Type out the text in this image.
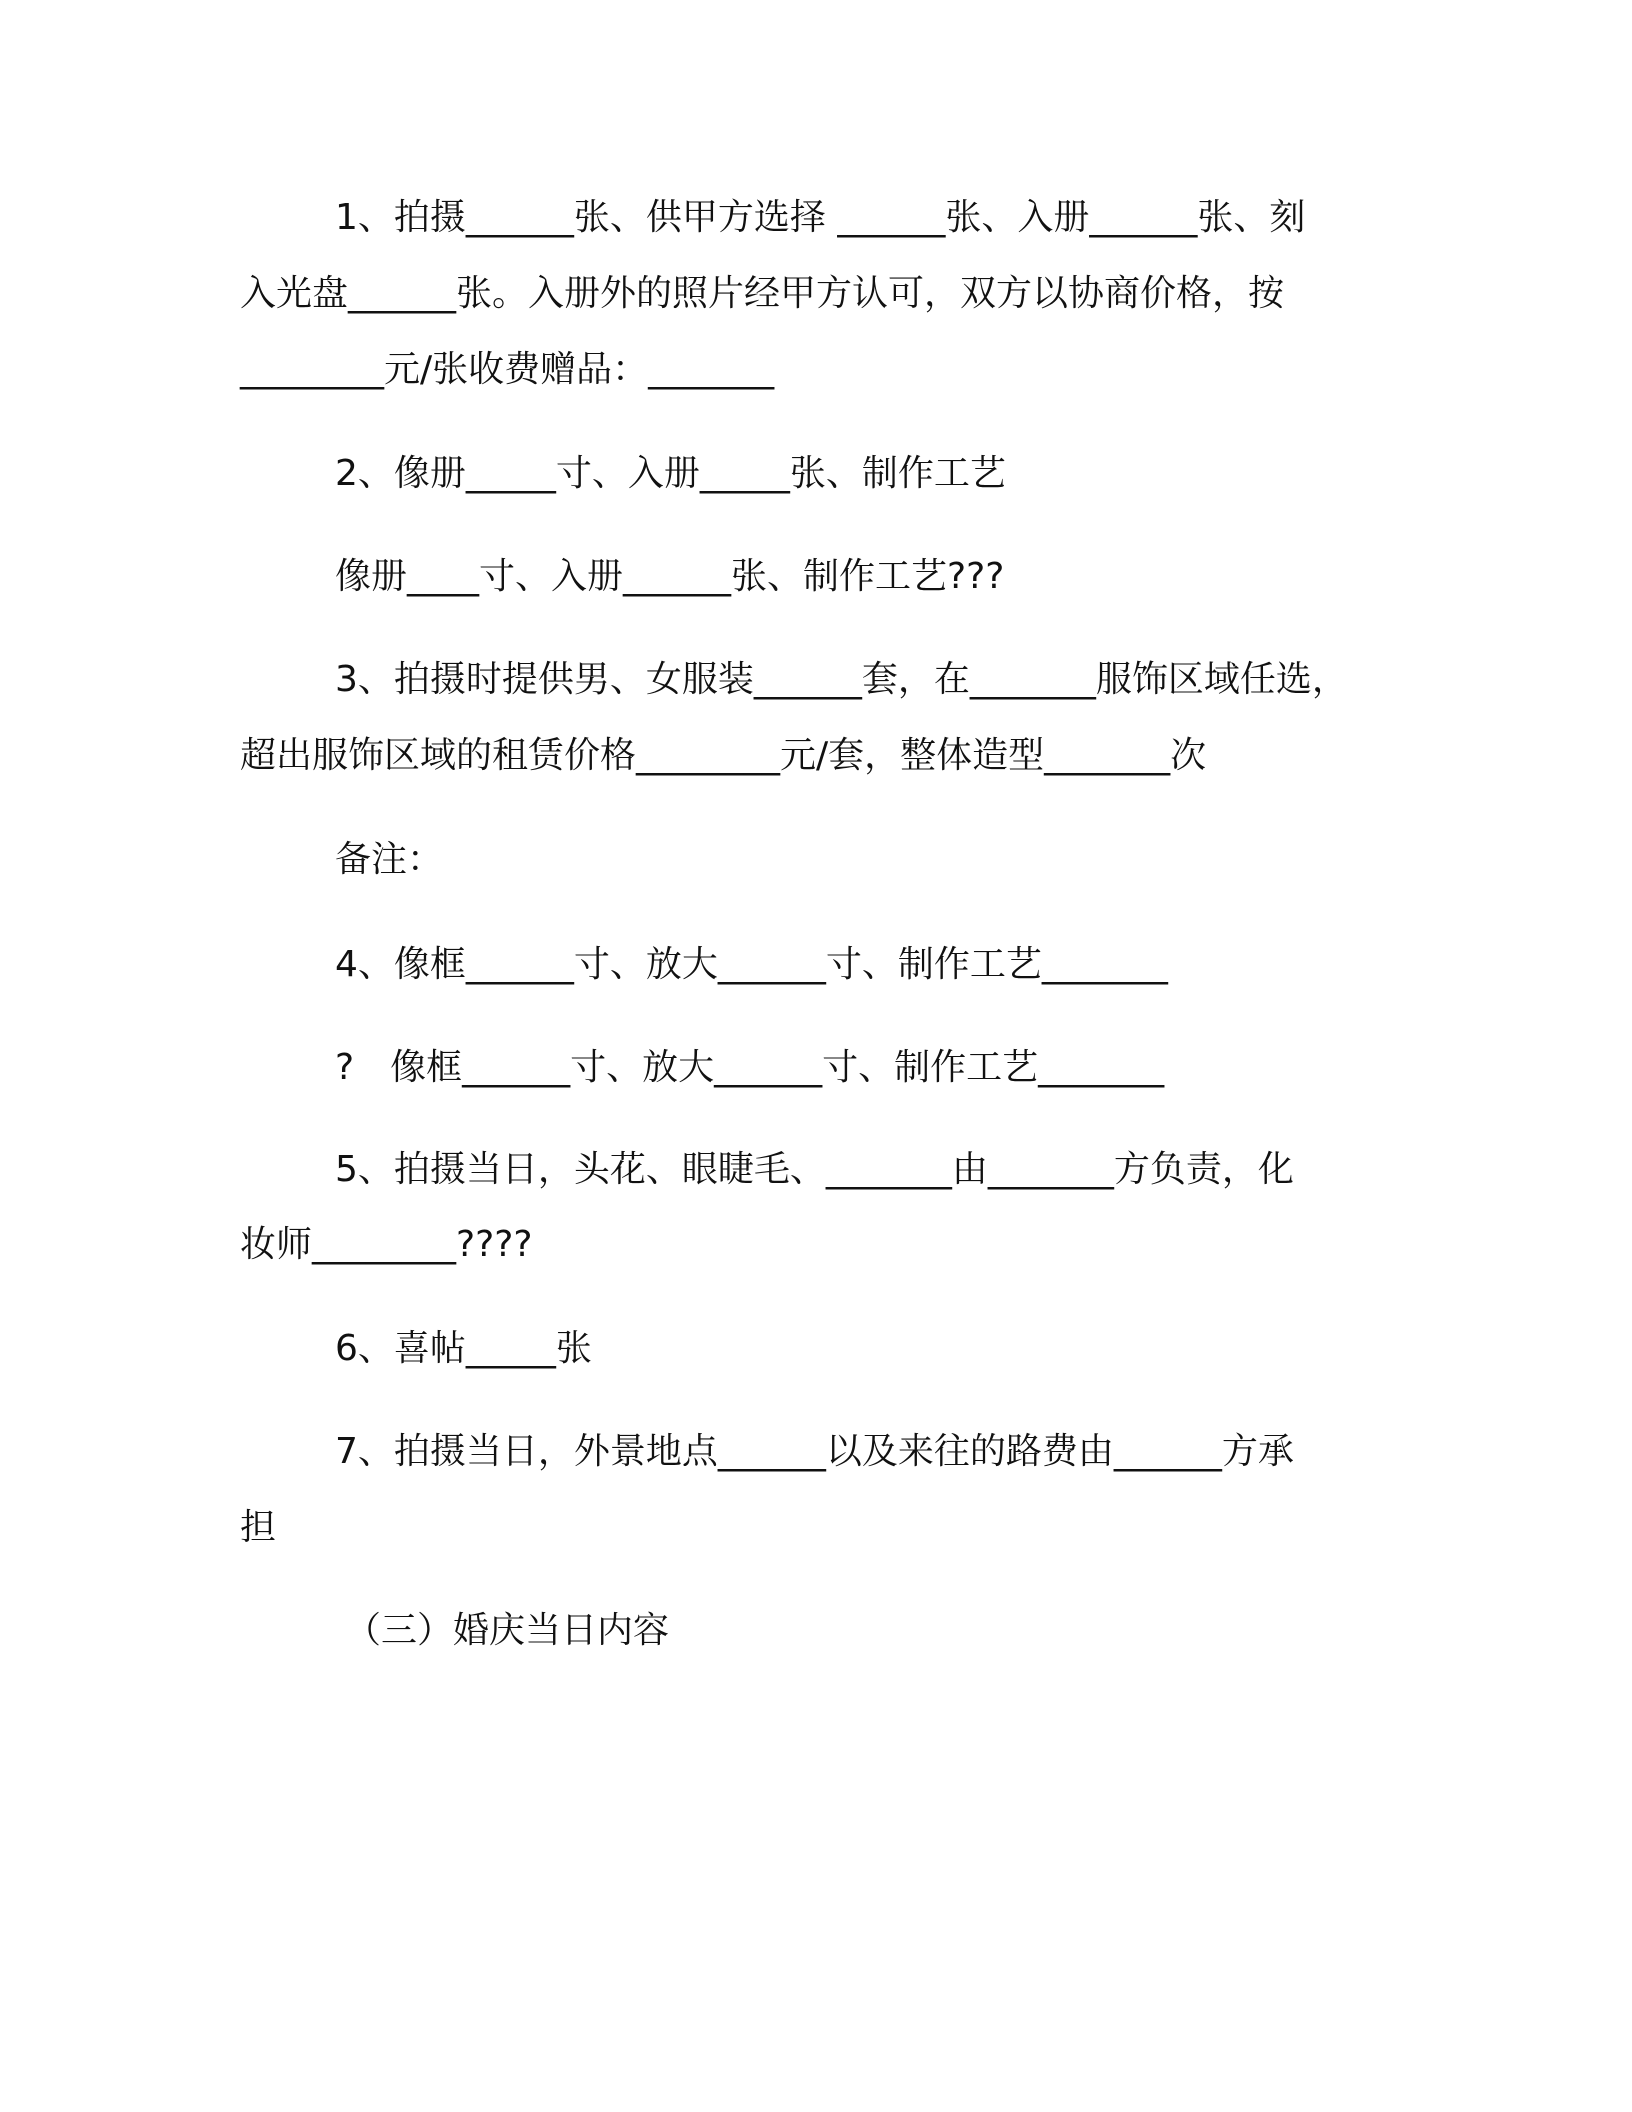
1、拍摄______张、供甲方选择 ______张、入册______张、刻
入光盘______张。入册外的照片经甲方认可，双方以协商价格，按
________元/张收费赠品：_______
2、像册_____寸、入册_____张、制作工艺
像册____寸、入册______张、制作工艺???
3、拍摄时提供男、女服装______套，在_______服饰区域任选，
超出服饰区域的租赁价格________元/套，整体造型_______次
备注：
4、像框______寸、放大______寸、制作工艺_______
?　像框______寸、放大______寸、制作工艺_______
5、拍摄当日，头花、眼睫毛、_______由_______方负责，化
妆师________????
6、喜帖_____张
7、拍摄当日，外景地点______以及来往的路费由______方承
担
（三）婚庆当日内容
